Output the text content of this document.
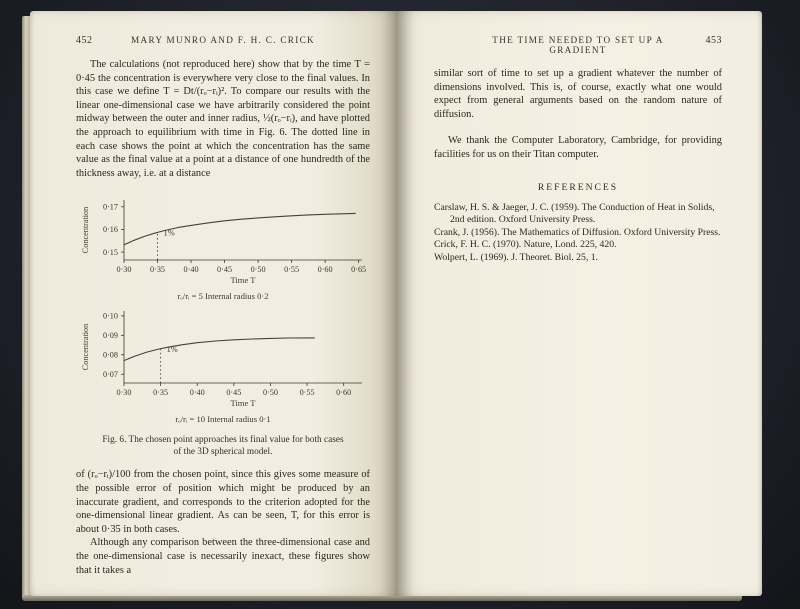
452	MARY MUNRO AND F. H. C. CRICK

The calculations (not reproduced here) show that by the time T = 0·45 the concentration is everywhere very close to the final values. In this case we define T = Dt/(rₒ−rᵢ)². To compare our results with the linear one-dimensional case we have arbitrarily considered the point midway between the outer and inner radius, ½(rₒ−rᵢ), and have plotted the approach to equilibrium with time in Fig. 6. The dotted line in each case shows the point at which the concentration has the same value as the final value at a point at a distance of one hundredth of the thickness away, i.e. at a distance

0·15
0·16
0·17
0·30 0·35 0·40 0·45 0·50 0·55 0·60 0·65
Time T
Concentration	1%
rₒ/rᵢ = 5 Internal radius 0·2
0·07
0·08
0·09
0·10
0·30	0·35	0·40	0·45	0·50	0·55	0·60
Time T
Concentration	1%
rₒ/rᵢ = 10 Internal radius 0·1
Fig. 6. The chosen point approaches its final value for both cases of the 3D spherical model.

of (rₒ−rᵢ)/100 from the chosen point, since this gives some measure of the possible error of position which might be produced by an inaccurate gradient, and corresponds to the criterion adopted for the one-dimensional linear gradient. As can be seen, T, for this error is about 0·35 in both cases.

Although any comparison between the three-dimensional case and the one-dimensional case is necessarily inexact, these figures show that it takes a

THE TIME NEEDED TO SET UP A GRADIENT
453

similar sort of time to set up a gradient whatever the number of dimensions involved. This is, of course, exactly what one would expect from general arguments based on the random nature of diffusion.

We thank the Computer Laboratory, Cambridge, for providing facilities for us on their Titan computer.

REFERENCES

Carslaw, H. S. & Jaeger, J. C. (1959). The Conduction of Heat in Solids, 2nd edition. Oxford University Press.

Crank, J. (1956). The Mathematics of Diffusion. Oxford University Press.

Crick, F. H. C. (1970). Nature, Lond. 225, 420.

Wolpert, L. (1969). J. Theoret. Biol. 25, 1.
